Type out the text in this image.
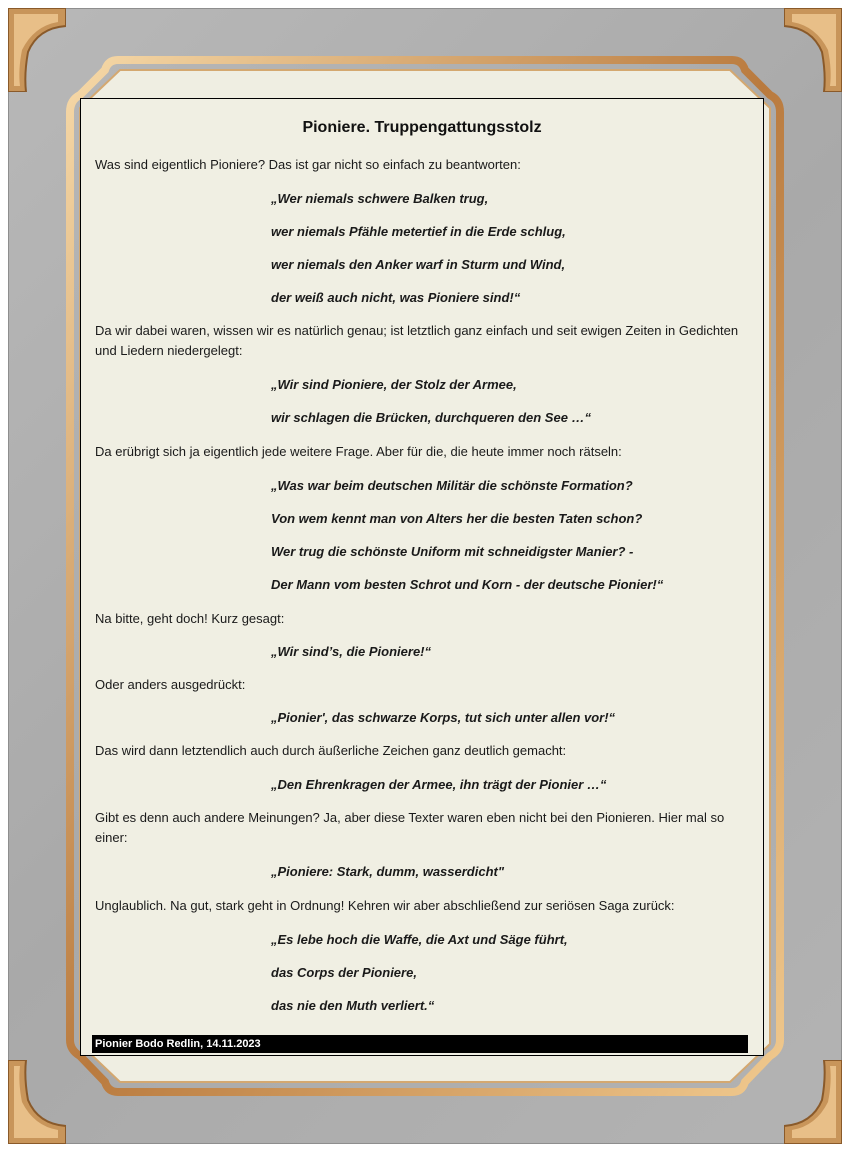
Pioniere. Truppengattungsstolz
Was sind eigentlich Pioniere? Das ist gar nicht so einfach zu beantworten:
„Wer niemals schwere Balken trug,
wer niemals Pfähle metertief in die Erde schlug,
wer niemals den Anker warf in Sturm und Wind,
der weiß auch nicht, was Pioniere sind!“
Da wir dabei waren, wissen wir es natürlich genau; ist letztlich ganz einfach und seit ewigen Zeiten in Gedichten und Liedern niedergelegt:
„Wir sind Pioniere, der Stolz der Armee,
wir schlagen die Brücken, durchqueren den See …“
Da erübrigt sich ja eigentlich jede weitere Frage. Aber für die, die heute immer noch rätseln:
„Was war beim deutschen Militär die schönste Formation?
Von wem kennt man von Alters her die besten Taten schon?
Wer trug die schönste Uniform mit schneidigster Manier? -
Der Mann vom besten Schrot und Korn - der deutsche Pionier!“
Na bitte, geht doch! Kurz gesagt:
„Wir sind’s, die Pioniere!“
Oder anders ausgedrückt:
„Pionier', das schwarze Korps, tut sich unter allen vor!“
Das wird dann letztendlich auch durch äußerliche Zeichen ganz deutlich gemacht:
„Den Ehrenkragen der Armee, ihn trägt der Pionier …“
Gibt es denn auch andere Meinungen? Ja, aber diese Texter waren eben nicht bei den Pionieren. Hier mal so einer:
„Pioniere: Stark, dumm, wasserdicht"
Unglaublich. Na gut, stark geht in Ordnung! Kehren wir aber abschließend zur seriösen Saga zurück:
„Es lebe hoch die Waffe, die Axt und Säge führt,
das Corps der Pioniere,
das nie den Muth verliert.“
Pionier Bodo Redlin, 14.11.2023
